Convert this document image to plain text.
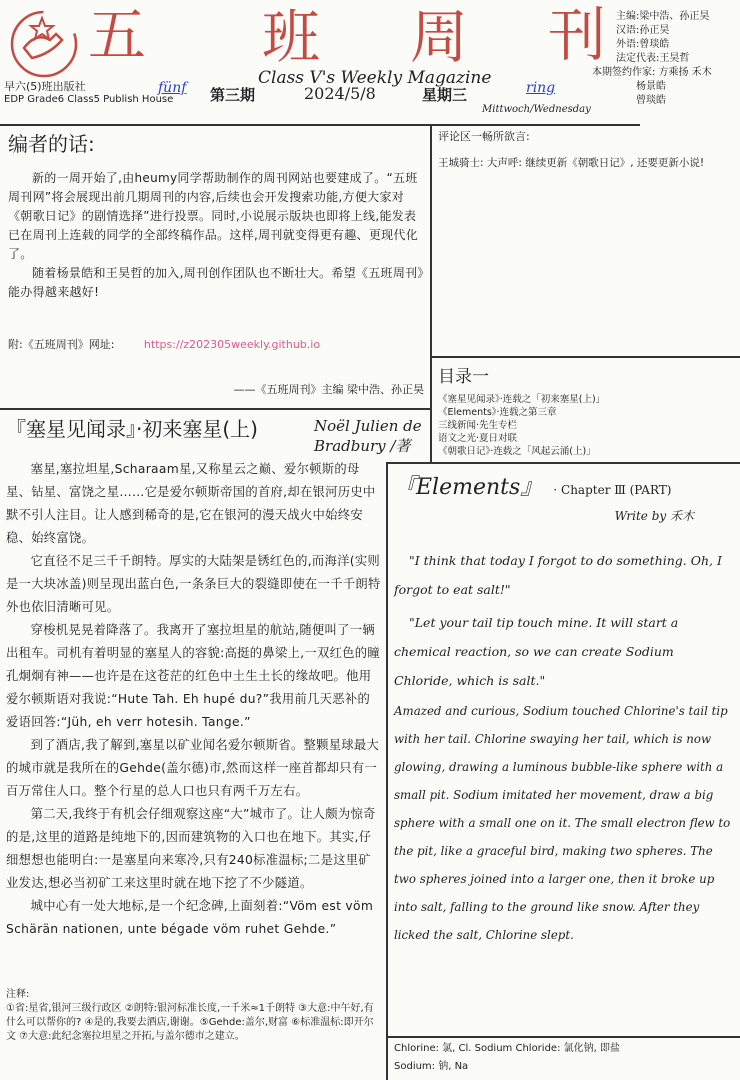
五 班 周 刊 主编:梁中浩、孙正昊
汉语:孙正昊
外语:曾琰皓
法定代表:王昊哲
本期签约作家: 方乘扬 禾木
杨景皓
曾琰皓
Class V's Weekly Magazine
fünf	ring
早六(5)班出版社
EDP Grade6 Class5 Publish House 第三期	2024/5/8	星期三
Mittwoch/Wednesday
编者的话:

新的一周开始了,由heumy同学帮助制作的周刊网站也要建成了。“五班周刊网”将会展现出前几期周刊的内容,后续也会开发搜索功能,方便大家对《朝歌日记》的剧情选择”进行投票。同时,小说展示版块也即将上线,能发表已在周刊上连载的同学的全部终稿作品。这样,周刊就变得更有趣、更现代化了。

随着杨景皓和王昊哲的加入,周刊创作团队也不断壮大。希望《五班周刊》能办得越来越好!

附:《五班周刊》网址:	https://z202305weekly.github.io
——《五班周刊》主编 梁中浩、孙正昊
评论区一畅所欲言:
王城骑士: 大声呼: 继续更新《朝歌日记》, 还要更新小说!
目录一
《塞星见闻录》·连载之「初来塞星(上)」
《Elements》·连载之第三章
三线新闻·先生专栏
语文之光·夏日对联
《朝歌日记》·连载之「风起云涌(上)」
『塞星见闻录』·初来塞星(上)	Noël Julien de Bradbury /著

塞星,塞拉坦星,Scharaam星,又称星云之巅、爱尔顿斯的母星、钻星、富饶之星……它是爱尔顿斯帝国的首府,却在银河历史中默不引人注目。让人感到稀奇的是,它在银河的漫天战火中始终安稳、始终富饶。

它直径不足三千千朗特。厚实的大陆架是锈红色的,而海洋(实则是一大块冰盖)则呈现出蓝白色,一条条巨大的裂缝即使在一千千朗特外也依旧清晰可见。

穿梭机晃晃着降落了。我离开了塞拉坦星的航站,随便叫了一辆出租车。司机有着明显的塞星人的容貌:高挺的鼻梁上,一双红色的瞳孔炯炯有神——也许是在这苍茫的红色中土生土长的缘故吧。他用爱尔顿斯语对我说:“Hute Tah. Eh hupé du?”我用前几天恶补的爱语回答:“Jüh, eh verr hotesih. Tange.”

到了酒店,我了解到,塞星以矿业闻名爱尔顿斯省。整颗星球最大的城市就是我所在的Gehde(盖尔德)市,然而这样一座首都却只有一百万常住人口。整个行星的总人口也只有两千万左右。

第二天,我终于有机会仔细观察这座“大”城市了。让人颇为惊奇的是,这里的道路是纯地下的,因而建筑物的入口也在地下。其实,仔细想想也能明白:一是塞星向来寒冷,只有240标准温标;二是这里矿业发达,想必当初矿工来这里时就在地下挖了不少隧道。

城中心有一处大地标,是一个纪念碑,上面刻着:“Vöm est vöm Schärän nationen, unte bégade vöm ruhet Gehde.”

注释:
①省:星省,银河三级行政区 ②朗特:银河标准长度,一千米≈1千朗特 ③大意:中午好,有什么可以帮你的? ④是的,我要去酒店,谢谢。⑤Gehde:盖尔,财富 ⑥标准温标:即开尔文 ⑦大意:此纪念塞拉坦星之开拓,与盖尔德市之建立。
『Elements』 · Chapter Ⅲ (PART)
Write by 禾木

"I think that today I forgot to do something. Oh, I forgot to eat salt!"

"Let your tail tip touch mine. It will start a chemical reaction, so we can create Sodium Chloride, which is salt."

Amazed and curious, Sodium touched Chlorine's tail tip with her tail. Chlorine swaying her tail, which is now glowing, drawing a luminous bubble-like sphere with a small pit. Sodium imitated her movement, draw a big sphere with a small one on it. The small electron flew to the pit, like a graceful bird, making two spheres. The two spheres joined into a larger one, then it broke up into salt, falling to the ground like snow. After they licked the salt, Chlorine slept.

Chlorine: 氯, Cl. Sodium Chloride: 氯化钠, 即盐
Sodium: 钠, Na
